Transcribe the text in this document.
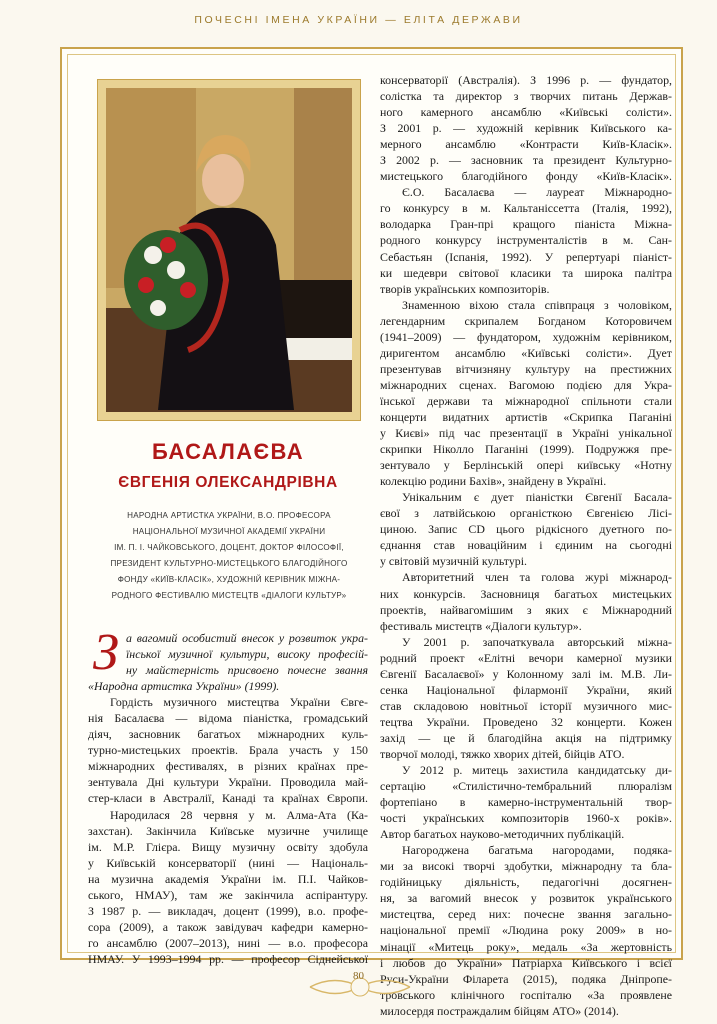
ПОЧЕСНІ ІМЕНА УКРАЇНИ — ЕЛІТА ДЕРЖАВИ
БАСАЛАЄВА
ЄВГЕНІЯ ОЛЕКСАНДРІВНА
НАРОДНА АРТИСТКА УКРАЇНИ, В.О. ПРОФЕСОРА
НАЦІОНАЛЬНОЇ МУЗИЧНОЇ АКАДЕМІЇ УКРАЇНИ
ІМ. П. І. ЧАЙКОВСЬКОГО, ДОЦЕНТ, ДОКТОР ФІЛОСОФІЇ,
ПРЕЗИДЕНТ КУЛЬТУРНО-МИСТЕЦЬКОГО БЛАГОДІЙНОГО
ФОНДУ «КИЇВ-КЛАСІК», ХУДОЖНІЙ КЕРІВНИК МІЖНА-
РОДНОГО ФЕСТИВАЛЮ МИСТЕЦТВ «ДІАЛОГИ КУЛЬТУР»
З а вагомий особистий внесок у розвиток укра-
їнської музичної культури, високу професій-
ну майстерність присвоєно почесне звання
«Народна артистка України» (1999).
Гордість музичного мистецтва України Євге-
нія Басалаєва — відома піаністка, громадський
діяч, засновник багатьох міжнародних куль-
турно-мистецьких проектів. Брала участь у 150
міжнародних фестивалях, в різних країнах пре-
зентувала Дні культури України. Проводила май-
стер-класи в Австралії, Канаді та країнах Європи.
Народилася 28 червня у м. Алма-Ата (Ка-
захстан). Закінчила Київське музичне училище
ім. М.Р. Глієра. Вищу музичну освіту здобула
у Київській консерваторії (нині — Національ-
на музична академія України ім. П.І. Чайков-
ського, НМАУ), там же закінчила аспірантуру.
З 1987 р. — викладач, доцент (1999), в.о. профе-
сора (2009), а також завідувач кафедри камерно-
го ансамблю (2007–2013), нині — в.о. професора
НМАУ. У 1993–1994 рр. — професор Сіднейської
консерваторії (Австралія). З 1996 р. — фундатор,
солістка та директор з творчих питань Держав-
ного камерного ансамблю «Київські солісти».
З 2001 р. — художній керівник Київського ка-
мерного ансамблю «Контрасти Київ-Класік».
З 2002 р. — засновник та президент Культурно-
мистецького благодійного фонду «Київ-Класік».
Є.О. Басалаєва — лауреат Міжнародно-
го конкурсу в м. Кальтаніссетта (Італія, 1992),
володарка Гран-прі кращого піаніста Міжна-
родного конкурсу інструменталістів в м. Сан-
Себастьян (Іспанія, 1992). У репертуарі піаніст-
ки шедеври світової класики та широка палітра
творів українських композиторів.
Знаменною віхою стала співпраця з чоловіком,
легендарним скрипалем Богданом Которовичем
(1941–2009) — фундатором, художнім керівником,
диригентом ансамблю «Київські солісти». Дует
презентував вітчизняну культуру на престижних
міжнародних сценах. Вагомою подією для Укра-
їнської держави та міжнародної спільноти стали
концерти видатних артистів «Скрипка Паганіні
у Києві» під час презентації в Україні унікальної
скрипки Ніколло Паганіні (1999). Подружжя пре-
зентувало у Берлінській опері київську «Нотну
колекцію родини Бахів», знайдену в Україні.
Унікальним є дует піаністки Євгенії Басала-
євої з латвійською органісткою Євгенією Лісі-
циною. Запис CD цього рідкісного дуетного по-
єднання став новаційним і єдиним на сьогодні
у світовій музичній культурі.
Авторитетний член та голова журі міжнарод-
них конкурсів. Засновниця багатьох мистецьких
проектів, найвагомішим з яких є Міжнародний
фестиваль мистецтв «Діалоги культур».
У 2001 р. започаткувала авторський міжна-
родний проект «Елітні вечори камерної музики
Євгенії Басалаєвої» у Колонному залі ім. М.В. Ли-
сенка Національної філармонії України, який
став складовою новітньої історії музичного мис-
тецтва України. Проведено 32 концерти. Кожен
захід — це й благодійна акція на підтримку
творчої молоді, тяжко хворих дітей, бійців АТО.
У 2012 р. митець захистила кандидатську ди-
сертацію «Стилістично-тембральний плюралізм
фортепіано в камерно-інструментальній твор-
чості українських композиторів 1960-х років».
Автор багатьох науково-методичних публікацій.
Нагороджена багатьма нагородами, подяка-
ми за високі творчі здобутки, міжнародну та бла-
годійницьку діяльність, педагогічні досягнен-
ня, за вагомий внесок у розвиток українського
мистецтва, серед них: почесне звання загально-
національної премії «Людина року 2009» в но-
мінації «Митець року», медаль «За жертовність
і любов до України» Патріарха Київського і всієї
Руси-України Філарета (2015), подяка Дніпропе-
тровського клінічного госпіталю «За проявлене
милосердя постраждалим бійцям АТО» (2014).
80
